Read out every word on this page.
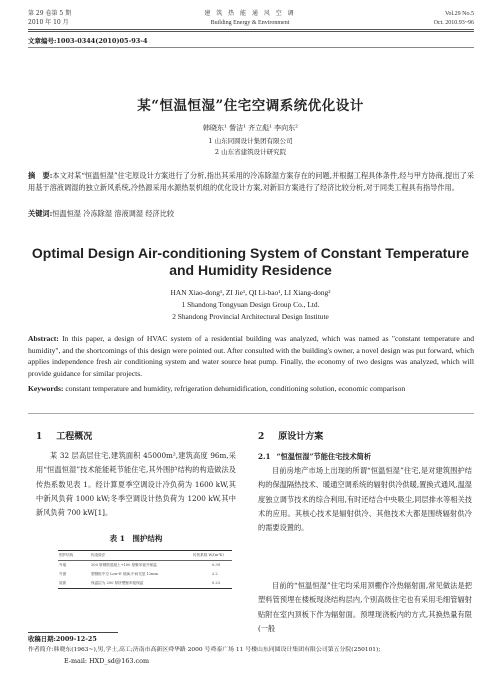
第 29 卷第 5 期
2010 年 10 月
建 筑 热 能 通 风 空 调
Building Energy & Environment
Vol.29 No.5
Oct. 2010.93~96
文章编号:1003-0344(2010)05-93-4
某“恒温恒湿”住宅空调系统优化设计
韩晓东¹ 訾洁¹ 齐立彪¹ 李向东²
1 山东同圆设计集团有限公司
2 山东省建筑设计研究院
摘　要:本文对某“恒温恒湿”住宅原设计方案进行了分析,指出其采用的冷冻除湿方案存在的问题,并根据工程具体条件,经与甲方协商,提出了采用基于溶液调湿的独立新风系统,冷热源采用水源热泵机组的优化设计方案,对新旧方案进行了经济比较分析,对于同类工程具有指导作用。
关键词:恒温恒湿 冷冻除湿 溶液调湿 经济比较
Optimal Design Air-conditioning System of Constant Temperature and Humidity Residence
HAN Xiao-dong¹, ZI Jie¹, QI Li-bao¹, LI Xiang-dong²
1 Shandong Tongyuan Design Group Co., Ltd.
2 Shandong Provincial Architectural Design Institute
Abstract: In this paper, a design of HVAC system of a residential building was analyzed, which was named as "constant temperature and humidity", and the shortcomings of this design were pointed out. After consulted with the building's owner, a novel design was put forward, which applies independence fresh air conditioning system and water source heat pump. Finally, the economy of two designs was analyzed, which will provide guidance for similar projects.
Keywords: constant temperature and humidity, refrigeration dehumidification, conditioning solution, economic comparison
1 工程概况
某 32 层高层住宅,建筑面积 45000m²,建筑高度 96m,采用“恒温恒湿”技术能能耗节能住宅,其外围护结构的构造做法及传热系数见表 1。经计算夏季空调设计冷负荷为 1600 kW,其中新风负荷 1000 kW;冬季空调设计热负荷为 1200 kW,其中新风负荷 700 kW[1]。
表 1　围护结构
围护结构	构造做法	传热系数 W/(m²K)
外墙	200 厚钢筋混凝土+100 厚聚苯板外保温	0.39
外窗	塑钢框中空 Low-E 玻璃,中间充氩 12mm	2.2
屋面	保温层为 200 厚挤塑聚苯板保温	0.23
2 原设计方案
2.1 “恒温恒湿”节能住宅技术简析
目前房地产市场上出现的所谓“恒温恒湿”住宅,是对建筑围护结构的保温隔热技术、暖通空调系统的辐射供冷供暖,置换式通风,温湿度独立调节技术的综合利用,有时还结合中央吸尘,同层排水等相关技术的应用。其核心技术是辐射供冷、其他技术大都是围绕辐射供冷的需要设置的。
目前的“恒温恒湿”住宅均采用顶棚作冷热辐射面,常见做法是把塑料管预埋在楼板现浇结构层内,个别高级住宅也有采用毛细管辐射贴附在室内顶板下作为辐射面。预埋现浇板内的方式,其换热量有限(一般
收稿日期:2009-12-25
作者简介:韩晓东(1963~),男,学士,高工;济南市高新区舜华路 2000 号舜泰广场 11 号楼山东同圆设计集团有限公司第五分院(250101);
E-mail: HXD_sd@163.com
